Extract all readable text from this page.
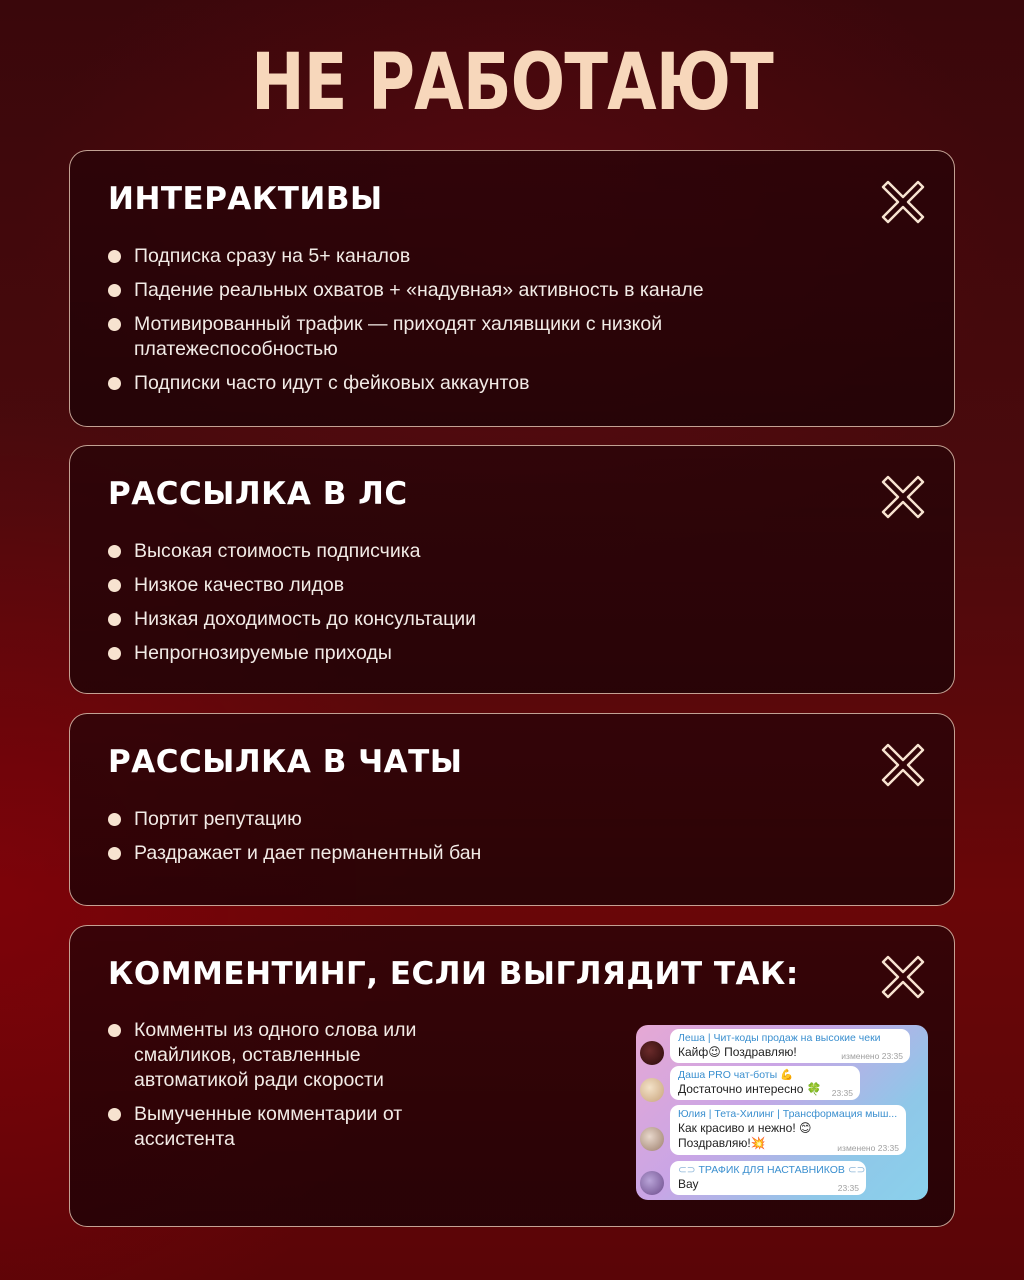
НЕ РАБОТАЮТ
ИНТЕРАКТИВЫ
Подписка сразу на 5+ каналов
Падение реальных охватов + «надувная» активность в канале
Мотивированный трафик — приходят халявщики с низкой платежеспособностью
Подписки часто идут с фейковых аккаунтов
РАССЫЛКА В ЛС
Высокая стоимость подписчика
Низкое качество лидов
Низкая доходимость до консультации
Непрогнозируемые приходы
РАССЫЛКА В ЧАТЫ
Портит репутацию
Раздражает и дает перманентный бан
КОММЕНТИНГ, ЕСЛИ ВЫГЛЯДИТ ТАК:
Комменты из одного слова или смайликов, оставленные автоматикой ради скорости
Вымученные комментарии от ассистента
Леша | Чит-коды продаж на высокие чеки
Кайф😉 Поздравляю!	изменено 23:35
Даша PRO чат-боты 💪
Достаточно интересно 🍀	23:35
Юлия | Тета-Хилинг | Трансформация мыш...
Как красиво и нежно! 😊
Поздравляю!💥	изменено 23:35
⊂⊃ ТРАФИК ДЛЯ НАСТАВНИКОВ ⊂⊃
Вау	23:35
